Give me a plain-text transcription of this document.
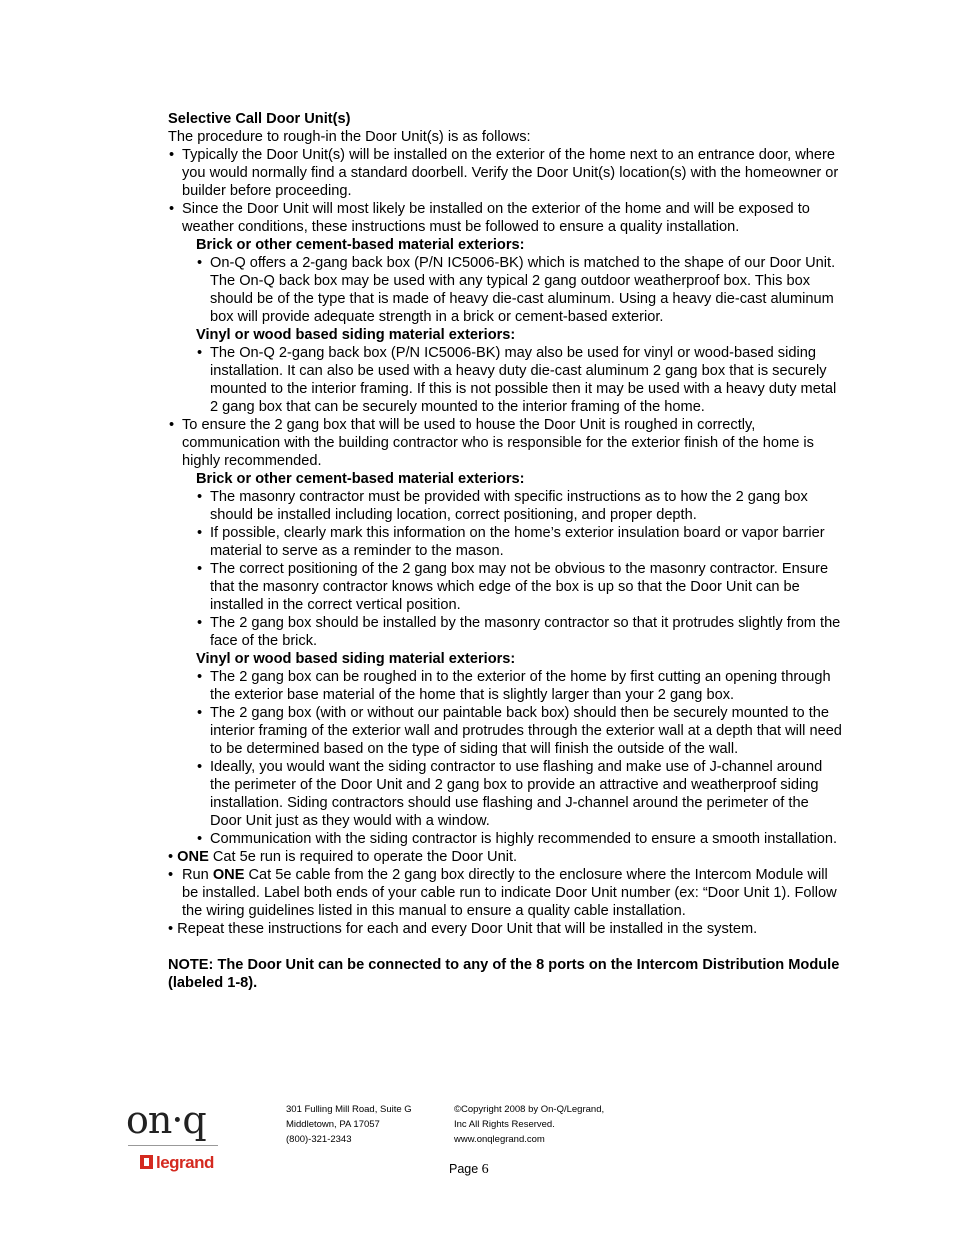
Selective Call Door Unit(s)

The procedure to rough-in the Door Unit(s) is as follows:

• Typically the Door Unit(s) will be installed on the exterior of the home next to an entrance door, where you would normally find a standard doorbell. Verify the Door Unit(s) location(s) with the homeowner or builder before proceeding.
• Since the Door Unit will most likely be installed on the exterior of the home and will be exposed to weather conditions, these instructions must be followed to ensure a quality installation.
Brick or other cement-based material exteriors:
• On-Q offers a 2-gang back box (P/N IC5006-BK) which is matched to the shape of our Door Unit. The On-Q back box may be used with any typical 2 gang outdoor weatherproof box. This box should be of the type that is made of heavy die-cast aluminum. Using a heavy die-cast aluminum box will provide adequate strength in a brick or cement-based exterior.
Vinyl or wood based siding material exteriors:
• The On-Q 2-gang back box (P/N IC5006-BK) may also be used for vinyl or wood-based siding installation. It can also be used with a heavy duty die-cast aluminum 2 gang box that is securely mounted to the interior framing. If this is not possible then it may be used with a heavy duty metal 2 gang box that can be securely mounted to the interior framing of the home.
• To ensure the 2 gang box that will be used to house the Door Unit is roughed in correctly, communication with the building contractor who is responsible for the exterior finish of the home is highly recommended.
Brick or other cement-based material exteriors:
• The masonry contractor must be provided with specific instructions as to how the 2 gang box should be installed including location, correct positioning, and proper depth.
• If possible, clearly mark this information on the home’s exterior insulation board or vapor barrier material to serve as a reminder to the mason.
• The correct positioning of the 2 gang box may not be obvious to the masonry contractor. Ensure that the masonry contractor knows which edge of the box is up so that the Door Unit can be installed in the correct vertical position.
• The 2 gang box should be installed by the masonry contractor so that it protrudes slightly from the face of the brick.
Vinyl or wood based siding material exteriors:
• The 2 gang box can be roughed in to the exterior of the home by first cutting an opening through the exterior base material of the home that is slightly larger than your 2 gang box.
• The 2 gang box (with or without our paintable back box) should then be securely mounted to the interior framing of the exterior wall and protrudes through the exterior wall at a depth that will need to be determined based on the type of siding that will finish the outside of the wall.
• Ideally, you would want the siding contractor to use flashing and make use of J-channel around the perimeter of the Door Unit and 2 gang box to provide an attractive and weatherproof siding installation. Siding contractors should use flashing and J-channel around the perimeter of the Door Unit just as they would with a window.
• Communication with the siding contractor is highly recommended to ensure a smooth installation.

• ONE Cat 5e run is required to operate the Door Unit.

• Run ONE Cat 5e cable from the 2 gang box directly to the enclosure where the Intercom Module will be installed. Label both ends of your cable run to indicate Door Unit number (ex: “Door Unit 1). Follow the wiring guidelines listed in this manual to ensure a quality cable installation.

• Repeat these instructions for each and every Door Unit that will be installed in the system.

NOTE: The Door Unit can be connected to any of the 8 ports on the Intercom Distribution Module (labeled 1-8).

on·q
legrand
301 Fulling Mill Road, Suite G
Middletown, PA 17057
(800)-321-2343
©Copyright 2008 by On-Q/Legrand,
Inc All Rights Reserved.
www.onqlegrand.com
Page 6
